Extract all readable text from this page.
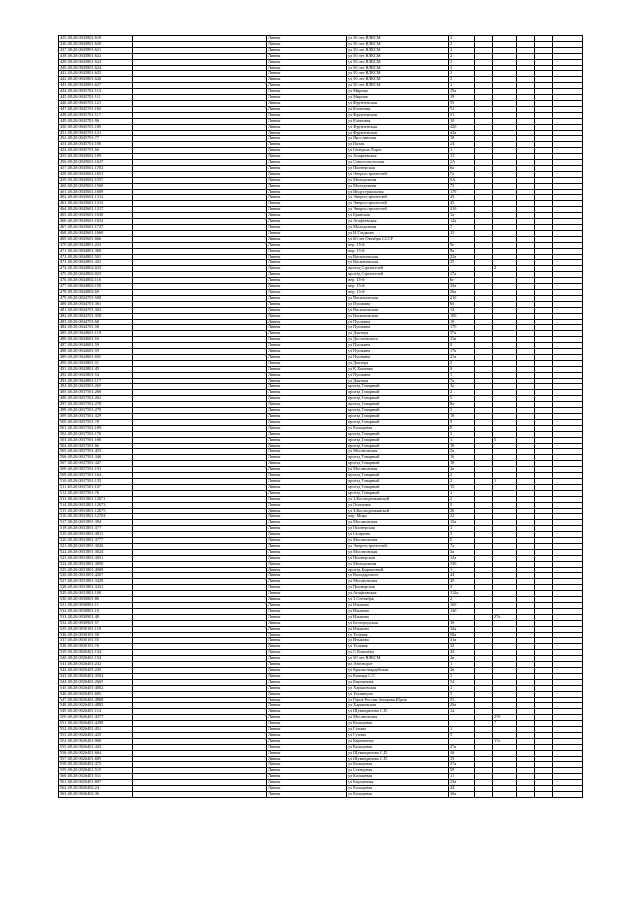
435 48:20:0045801:618		Ливны	ул 50 лет ВЛКСМ	2					
436 48:20:0045801:620		Ливны	ул 50 лет ВЛКСМ	2					
437 48:20:0045801:621		Ливны	ул 50 лет ВЛКСМ	2					
438 48:20:0045801:622		Ливны	ул 50 лет ВЛКСМ	2					
439 48:20:0045801:623		Ливны	ул 50 лет ВЛКСМ	2					
440 48:20:0045801:624		Ливны	ул 50 лет ВЛКСМ	2					
441 48:20:0045801:625		Ливны	ул 50 лет ВЛКСМ	2					
442 48:20:0045801:626		Ливны	ул 50 лет ВЛКСМ	2					
443 48:20:0045801:627		Ливны	ул 50 лет ВЛКСМ	2					
444 48:20:0045701:113		Ливны	ул Мирная	19а					
445 48:20:0045701:111		Ливны	ул Мирная	19					
446 48:20:0045701:121		Ливны	ул Фрунзенская	55					
447 48:20:0045701:165		Ливны	ул Кленовая	51					
448 48:20:0045701:117		Ливны	ул Фрунзенская	51					
449 48:20:0045701:96		Ливны	ул Кленовая	10					
450 48:20:0045701:109		Ливны	ул Фрунзенская	42б					
451 48:20:0045701:121		Ливны	ул Фрунзенская	42а					
452 48:20:0045701:77		Ливны	ул Ярославская	18					
453 48:20:0045701:100		Ливны	ул Пятая	24					
454 48:20:0045701:50		Ливны	ул Генерала Лорга	1					
455 48:20:0045601:109		Ливны	ул Агафьевская	11					
456 48:20:0045601:1627		Ливны	ул Севастопольская	2А					
457 48:20:0045601:1702		Ливны	ул Пионерская	6а					
458 48:20:0045601:1651		Ливны	ул Энергостроителей	7а					
459 48:20:0045601:1557		Ливны	ул Молодежная	6А					
460 48:20:0045601:1560		Ливны	ул Молодежная	75					
461 48:20:0045601:1609		Ливны	ул Индустриальная	17б					
462 48:20:0045601:1312		Ливны	ул Энергостроителей	43					
463 48:20:0045601:1313		Ливны	ул Энергостроителей	45					
464 48:20:0045601:1317		Ливны	ул Энергостроителей	21б					
465 48:20:0045601:1630		Ливны	ул Брянская	1а					
466 48:20:0045601:1632		Ливны	ул Агафьевская	14а					
467 48:20:0045601:1737		Ливны	ул Молодежная	7					
468 48:20:0045601:1660		Ливны	ул Н.Гладкова	15					
469 48:20:0045601:666		Ливны	ул 60 лет Октября СССР						
470 48:20:0044801:223		Ливны	пер. 15-й	9а					
471 48:20:0044801:368		Ливны	пер. 15-й	9а					
472 48:20:0044801:501		Ливны	ул Васильевская	22а					
473 48:20:0044801:433		Ливны	ул Васильевская	25					
474 48:20:0044802:023		Ливны	проезд Строителей			2			
475 48:20:0044802:023		Ливны	проезд Строителей	27а					
476 48:20:0044802:116		Ливны	пер. 15-й	6г					
477 48:20:0044802:150		Ливны	пер. 15-й	23а					
478 48:20:0044802:69		Ливны	пер. 15-й	26а					
479 48:20:0044701:508		Ливны	ул Васильевская	21б					
480 48:20:0044701:361		Ливны	ул Пушкина	6б					
481 48:20:0044701:362		Ливны	ул Васильевская	12					
482 48:20:0044701:358		Ливны	ул Васильевская	10б					
483 48:20:0044701:68		Ливны	ул Пушкина	18					
484 48:20:0044701:58		Ливны	ул Пушкина	17б					
485 48:20:0044601:119		Ливны	ул Доктора	57а					
486 48:20:0044601:53		Ливны	ул Достоевского	15а					
487 48:20:0044601:59		Ливны	ул Пушкина	8					
488 48:20:0044601:59		Ливны	ул Пушкина	17а					
489 48:20:0044601:605		Ливны	ул Пушкина	21а					
490 48:20:0043801:51		Ливны	ул Доктора	5					
491 48:20:0043801:45		Ливны	ул К.Хоменко	8					
492 48:20:0043801:54		Ливны	ул Пушкина	1					
493 48:20:0043801:117		Ливны	ул Доктора	7а					
494 48:20:0043501:265		Ливны	проезд Товарный	3а					
495 48:20:0037501:260		Ливны	проезд Товарный	2					
496 48:20:0037501:262		Ливны	проезд Товарный	5					
497 48:20:0037501:278		Ливны	проезд Товарный	8а					
498 48:20:0037501:270		Ливны	проезд Товарный	5					
499 48:20:0037501:329		Ливны	проезд Товарный	18					
500 48:20:0037501:78		Ливны	проезд Товарный	5					
501 48:20:0037501:189		Ливны	ул Кольцевая	8					
502 48:20:0037501:176		Ливны	проезд Товарный	5					
503 48:20:0037501:168		Ливны	проезд Товарный	1		5			
504 48:20:0037501:86		Ливны	проезд Товарный	10					
505 48:20:0037501:455		Ливны	ул Мосановская	5а					
506 48:20:0037501:346		Ливны	проезд Товарный	16					
507 48:20:0037501:347		Ливны	проезд Товарный	18					
508 48:20:0037501:153		Ливны	ул Мосановская	2а					
509 48:20:0037501:164		Ливны	проезд Товарный	2					
510 48:20:0037501:135		Ливны	проезд Товарный	2		1			
511 48:20:0037501:167		Ливны	проезд Товарный	15					
512 48:20:0037501:76		Ливны	проезд Товарный	2					
513 48:20:0031801:12671		Ливны	ул З.Космодемьянской	2					
514 48:20:0031801:12673		Ливны	ул Осипенко	5					
515 48:20:0031801:12675		Ливны	ул З.Космодемьянской	20					
516 48:20:0031801:12704		Ливны	пер. Мира	22					
517 48:20:0031801:394		Ливны	ул Мосановская	15а					
518 48:20:0031801:377		Ливны	ул Пионерская	1					
519 48:20:0031801:3811		Ливны	ул Гагарина	3					
520 48:20:0031801:3777		Ливны	ул Мосановская	5					
521 48:20:0031801:3026		Ливны	ул Энергостроителей	7а					
522 48:20:0031801:3024		Ливны	ул Мосановская	2а					
523 48:20:0031801:3051		Ливны	ул Пионерская	12а					
524 48:20:0031801:3050		Ливны	ул Молодежная	13б					
525 48:20:0031801:4069		Ливны	проезд Кирпичный	1					
526 48:20:0031801:4267		Ливны	ул Володарского	44					
527 48:20:0031801:3429		Ливны	ул Мосановская	45					
528 48:20:0031801:3431		Ливны	ул Пионерская	5					
529 48:20:0031801:100		Ливны	ул Агафьевская	112а					
530 48:20:0030801:86		Ливны	ул 3 Сентября	2					
531 48:20:0030801:11		Ливны	ул Изыкова	16б					
532 48:20:0030801:10		Ливны	ул Изыкова	14б					
533 48:20:0030901:48		Ливны	ул Изыкова			27а			
534 48:20:0030901:57		Ливны	ул Белгородская	1б					
535 48:20:0030101:118		Ливны	ул Изыкова	34а					
536 48:20:0030101:58		Ливны	ул Телевая	58а					
537 48:20:0030101:55		Ливны	ул Изыкова	31а					
538 48:20:0030101:76		Ливны	ул Телевая	32					
539 48:20:0026401:134		Ливны	ул С.Ковалёва	43					
540 48:20:0026401:154		Ливны	ул 50 лет ВЛКСМ	2в					
541 48:20:0026401:232		Ливны	пл.Автоворот	1					
542 48:20:0026401:245		Ливны	ул Красногвардейская	2в					
543 48:20:0026401:3504		Ливны	ул Кошара С.Г.	1					
544 48:20:0026401:2665		Ливны	ул Кирпичная	54					
545 48:20:0026401:4002		Ливны	ул Харьковская	1					
546 48:20:0026401:605		Ливны	ул Техникума	5					
547 48:20:0026401:4968		Ливны	ул Героя России Захарова Юрия	55					
548 48:20:0026401:4882		Ливны	ул Харьковская	29а					
549 48:20:0026401:114		Ливны	ул Шувандинова С.П.	14					
550 48:20:0026401:4377		Ливны	ул Мосановская			27б			
551 48:20:0026401:4290		Ливны	ул Кольцевая			7			
552 48:20:0026401:431		Ливны	ул Гузина	1					
553 48:20:0026401:425		Ливны	ул Гузина	5					
554 48:20:0026401:968		Ливны	ул Кирпичная			17а			
555 48:20:0026401:443		Ливны	ул Кольцевая	27а					
556 48:20:0026401:664		Ливны	ул Шувандинова С.П.	16					
557 48:20:0026401:685		Ливны	ул Шувандинова С.П.	13					
558 48:20:0026401:475		Ливны	ул Кольцевая	27а					
559 48:20:0026401:515		Ливны	ул Стендовая	59					
560 48:20:0026401:511		Ливны	ул Кольцевая	11					
561 48:20:0026401:807		Ливны	ул Кирпичная	23а					
562 48:20:0026402:24		Ливны	ул Кольцевая	44					
563 48:20:0026402:36		Ливны	ул Кольцевая	30а					
